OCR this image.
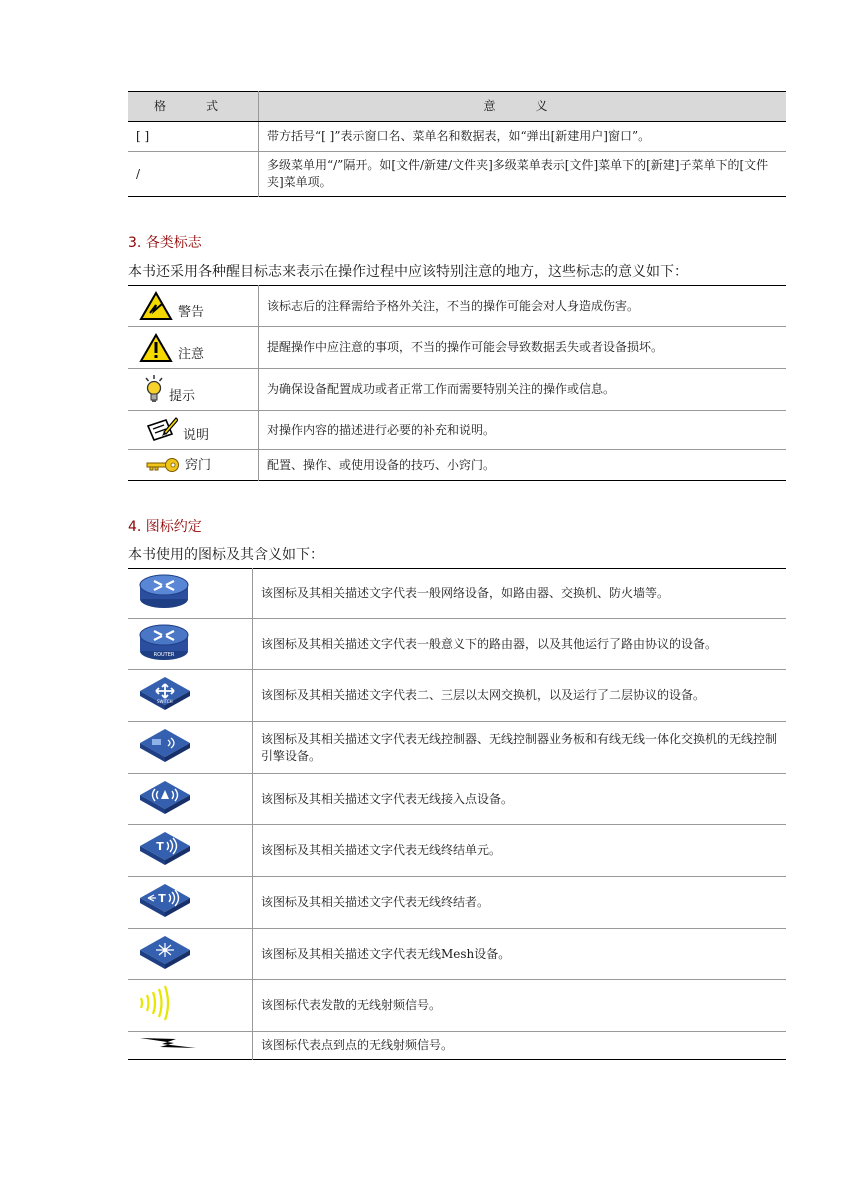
格　式	意　义
[ ]	带方括号“[ ]”表示窗口名、菜单名和数据表，如“弹出[新建用户]窗口”。
/	多级菜单用“/”隔开。如[文件/新建/文件夹]多级菜单表示[文件]菜单下的[新建]子菜单下的[文件夹]菜单项。
3. 各类标志

本书还采用各种醒目标志来表示在操作过程中应该特别注意的地方，这些标志的意义如下：

警告	该标志后的注释需给予格外关注，不当的操作可能会对人身造成伤害。

注意	提醒操作中应注意的事项，不当的操作可能会导致数据丢失或者设备损坏。

提示	为确保设备配置成功或者正常工作而需要特别关注的操作或信息。

说明	对操作内容的描述进行必要的补充和说明。

窍门	配置、操作、或使用设备的技巧、小窍门。
4. 图标约定

本书使用的图标及其含义如下：

	该图标及其相关描述文字代表一般网络设备，如路由器、交换机、防火墙等。

ROUTER	该图标及其相关描述文字代表一般意义下的路由器，以及其他运行了路由协议的设备。

SWITCH	该图标及其相关描述文字代表二、三层以太网交换机，以及运行了二层协议的设备。
	该图标及其相关描述文字代表无线控制器、无线控制器业务板和有线无线一体化交换机的无线控制引擎设备。
	该图标及其相关描述文字代表无线接入点设备。

T	该图标及其相关描述文字代表无线终结单元。

T	该图标及其相关描述文字代表无线终结者。
	该图标及其相关描述文字代表无线Mesh设备。
	该图标代表发散的无线射频信号。
	该图标代表点到点的无线射频信号。
